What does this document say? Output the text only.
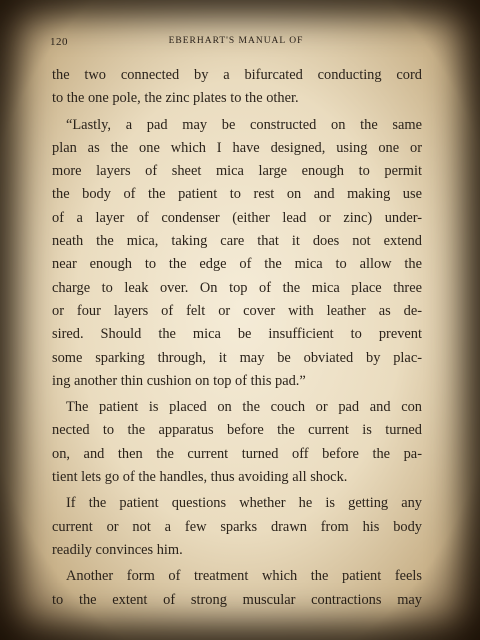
120	EBERHART'S MANUAL OF
the two connected by a bifurcated conducting cord
to the one pole, the zinc plates to the other.
“Lastly, a pad may be constructed on the same
plan as the one which I have designed, using one or
more layers of sheet mica large enough to permit
the body of the patient to rest on and making use
of a layer of condenser (either lead or zinc) under-
neath the mica, taking care that it does not extend
near enough to the edge of the mica to allow the
charge to leak over. On top of the mica place three
or four layers of felt or cover with leather as de-
sired. Should the mica be insufficient to prevent
some sparking through, it may be obviated by plac-
ing another thin cushion on top of this pad.”
The patient is placed on the couch or pad and con
nected to the apparatus before the current is turned
on, and then the current turned off before the pa-
tient lets go of the handles, thus avoiding all shock.
If the patient questions whether he is getting any
current or not a few sparks drawn from his body
readily convinces him.
Another form of treatment which the patient feels
to the extent of strong muscular contractions may
